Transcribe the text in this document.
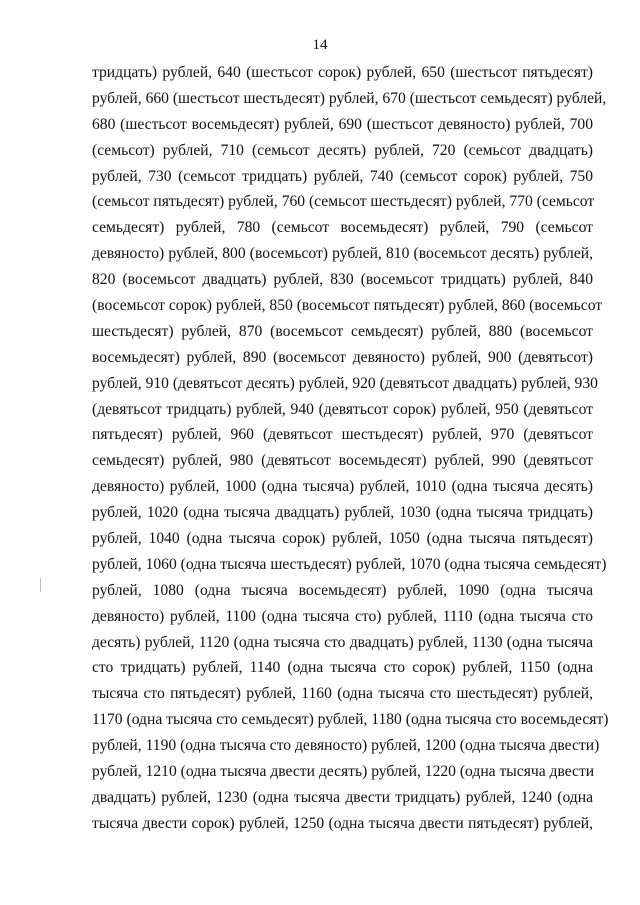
14
тридцать) рублей, 640 (шестьсот сорок) рублей, 650 (шестьсот пятьдесят)
рублей, 660 (шестьсот шестьдесят) рублей, 670 (шестьсот семьдесят) рублей,
680 (шестьсот восемьдесят) рублей, 690 (шестьсот девяносто) рублей, 700
(семьсот) рублей, 710 (семьсот десять) рублей, 720 (семьсот двадцать)
рублей, 730 (семьсот тридцать) рублей, 740 (семьсот сорок) рублей, 750
(семьсот пятьдесят) рублей, 760 (семьсот шестьдесят) рублей, 770 (семьсот
семьдесят) рублей, 780 (семьсот восемьдесят) рублей, 790 (семьсот
девяносто) рублей, 800 (восемьсот) рублей, 810 (восемьсот десять) рублей,
820 (восемьсот двадцать) рублей, 830 (восемьсот тридцать) рублей, 840
(восемьсот сорок) рублей, 850 (восемьсот пятьдесят) рублей, 860 (восемьсот
шестьдесят) рублей, 870 (восемьсот семьдесят) рублей, 880 (восемьсот
восемьдесят) рублей, 890 (восемьсот девяносто) рублей, 900 (девятьсот)
рублей, 910 (девятьсот десять) рублей, 920 (девятьсот двадцать) рублей, 930
(девятьсот тридцать) рублей, 940 (девятьсот сорок) рублей, 950 (девятьсот
пятьдесят) рублей, 960 (девятьсот шестьдесят) рублей, 970 (девятьсот
семьдесят) рублей, 980 (девятьсот восемьдесят) рублей, 990 (девятьсот
девяносто) рублей, 1000 (одна тысяча) рублей, 1010 (одна тысяча десять)
рублей, 1020 (одна тысяча двадцать) рублей, 1030 (одна тысяча тридцать)
рублей, 1040 (одна тысяча сорок) рублей, 1050 (одна тысяча пятьдесят)
рублей, 1060 (одна тысяча шестьдесят) рублей, 1070 (одна тысяча семьдесят)
рублей, 1080 (одна тысяча восемьдесят) рублей, 1090 (одна тысяча
девяносто) рублей, 1100 (одна тысяча сто) рублей, 1110 (одна тысяча сто
десять) рублей, 1120 (одна тысяча сто двадцать) рублей, 1130 (одна тысяча
сто тридцать) рублей, 1140 (одна тысяча сто сорок) рублей, 1150 (одна
тысяча сто пятьдесят) рублей, 1160 (одна тысяча сто шестьдесят) рублей,
1170 (одна тысяча сто семьдесят) рублей, 1180 (одна тысяча сто восемьдесят)
рублей, 1190 (одна тысяча сто девяносто) рублей, 1200 (одна тысяча двести)
рублей, 1210 (одна тысяча двести десять) рублей, 1220 (одна тысяча двести
двадцать) рублей, 1230 (одна тысяча двести тридцать) рублей, 1240 (одна
тысяча двести сорок) рублей, 1250 (одна тысяча двести пятьдесят) рублей,
